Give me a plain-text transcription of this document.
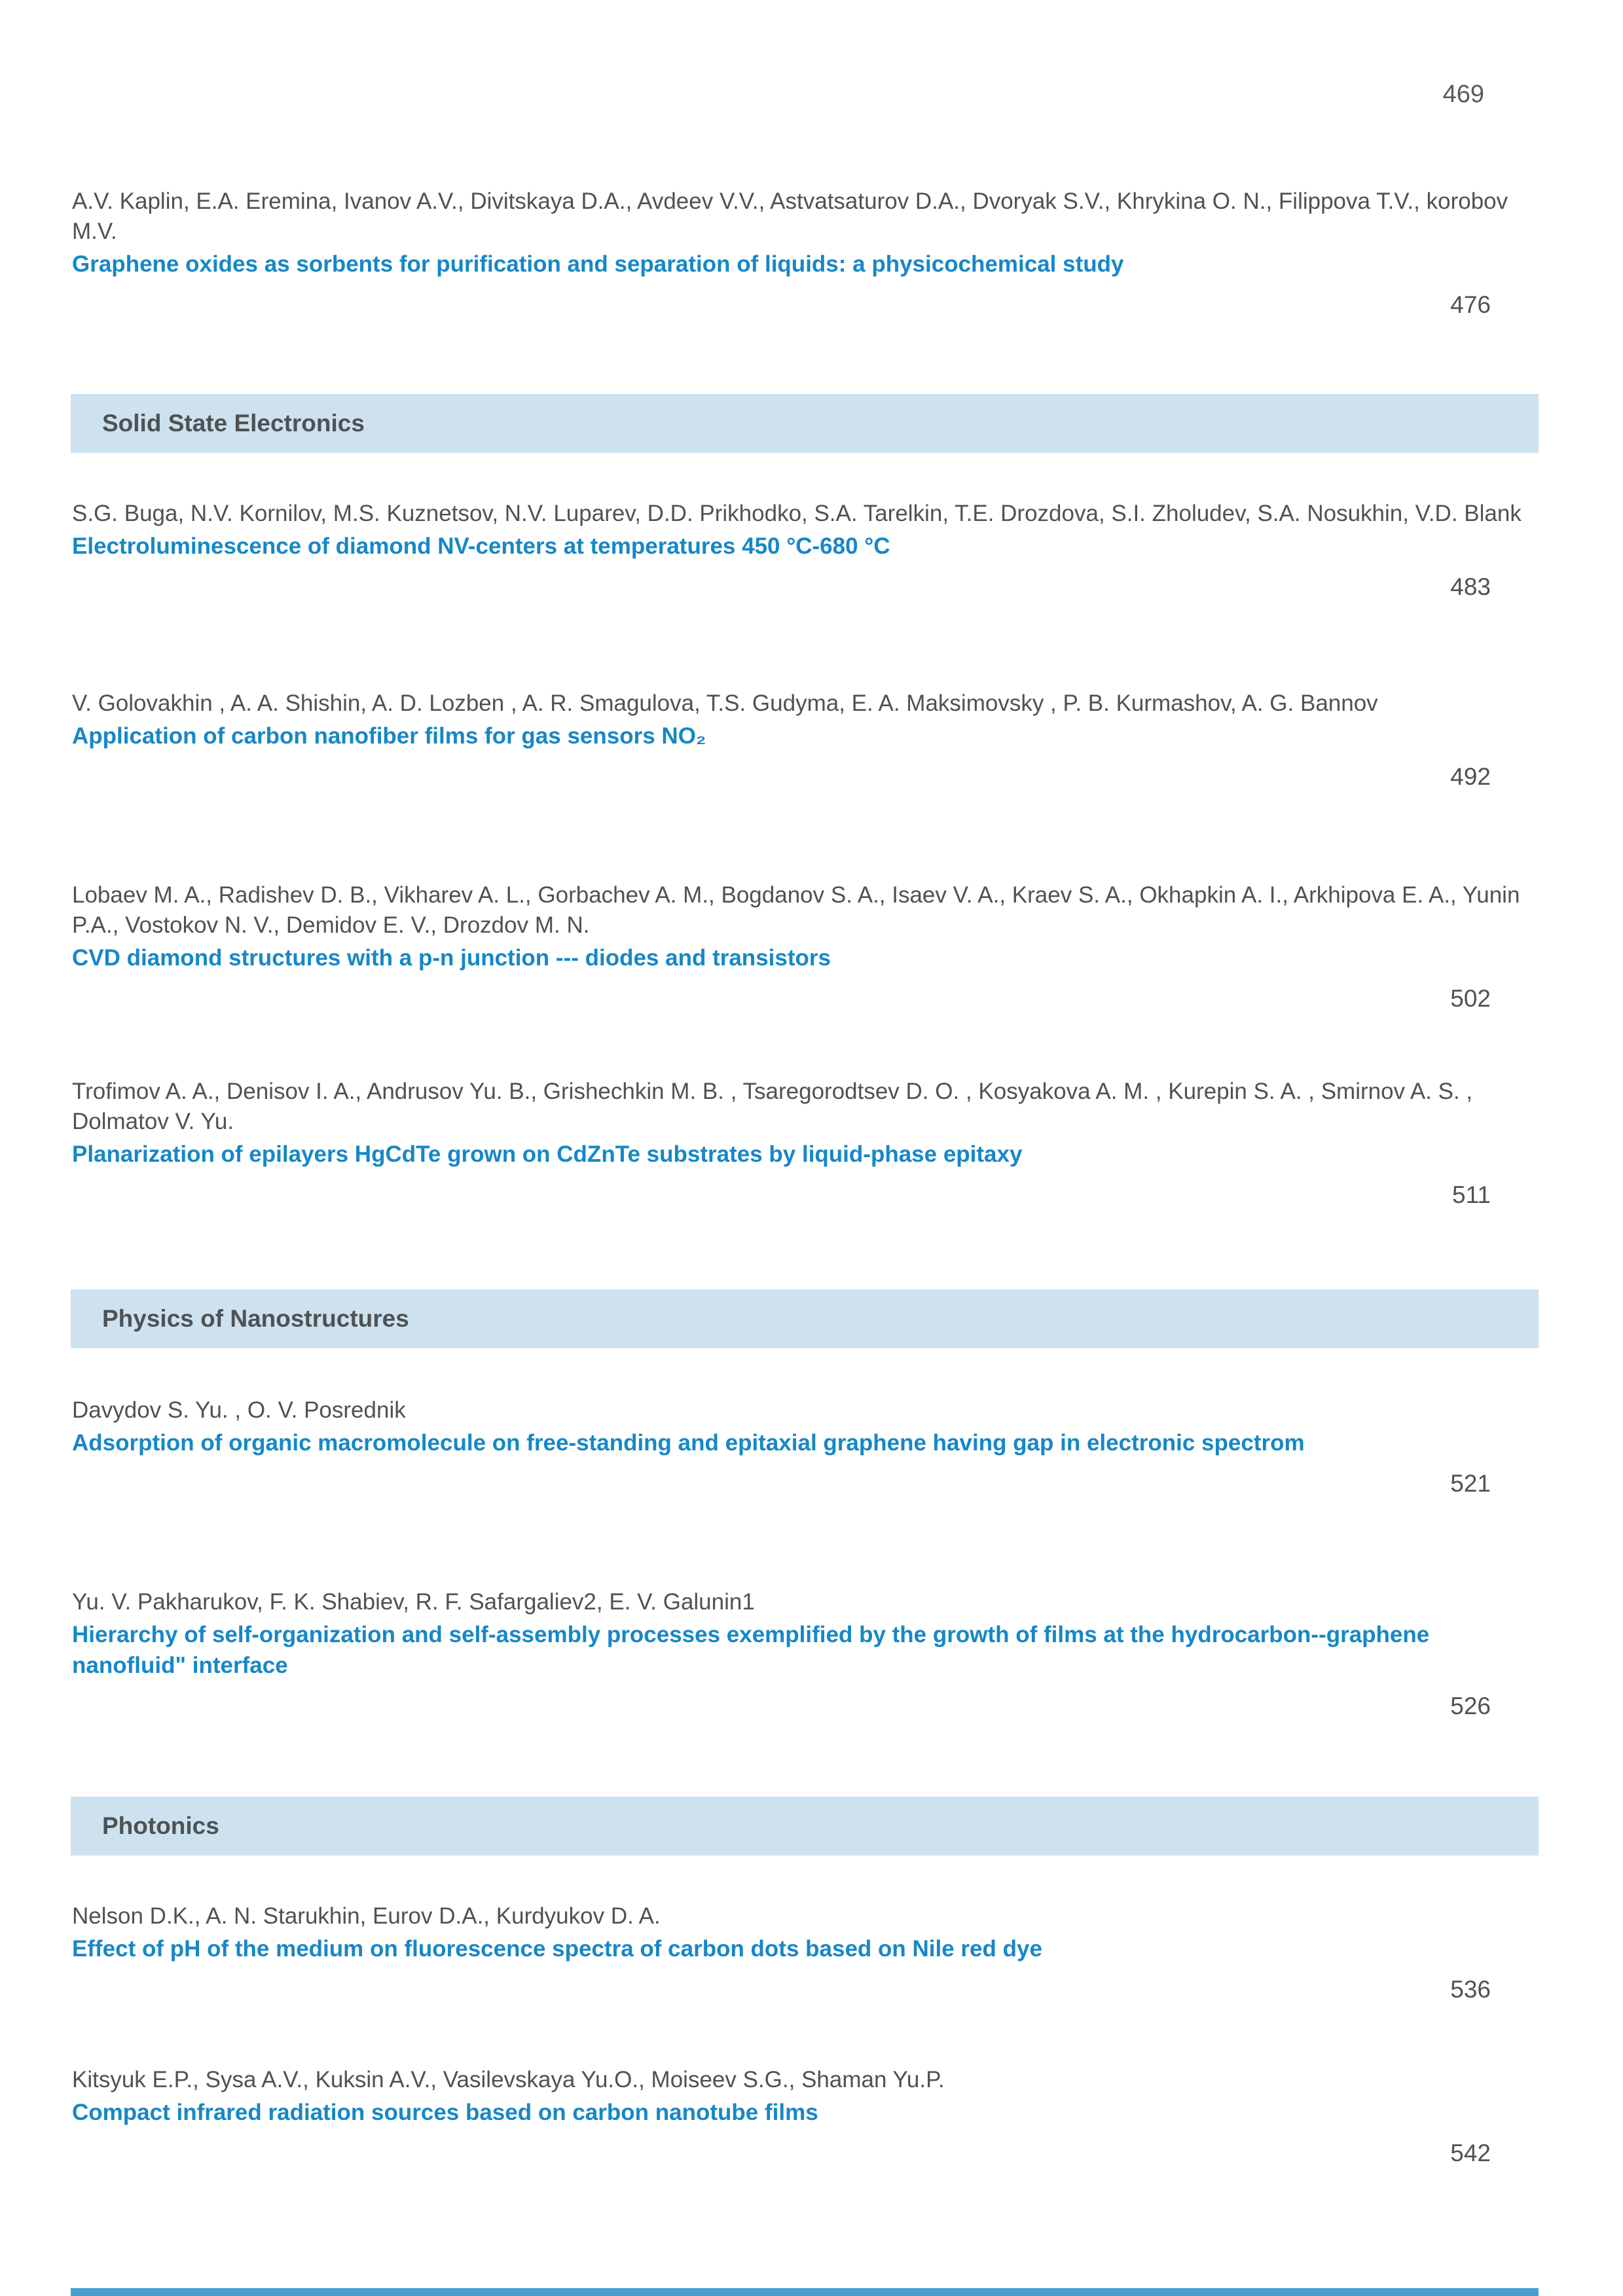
469
A.V. Kaplin, E.A. Eremina, Ivanov A.V., Divitskaya D.A., Avdeev V.V., Astvatsaturov D.A., Dvoryak S.V., Khrykina O. N., Filippova T.V., korobov M.V.
Graphene oxides as sorbents for purification and separation of liquids: a physicochemical study
476
Solid State Electronics
S.G. Buga, N.V. Kornilov, M.S. Kuznetsov, N.V. Luparev, D.D. Prikhodko, S.A. Tarelkin, T.E. Drozdova, S.I. Zholudev, S.A. Nosukhin, V.D. Blank
Electroluminescence of diamond NV-centers at temperatures 450 °C-680 °C
483
V. Golovakhin , A. A. Shishin, A. D. Lozben , A. R. Smagulova, T.S. Gudyma, E. A. Maksimovsky , P. B. Kurmashov, A. G. Bannov
Application of carbon nanofiber films for gas sensors NO₂
492
Lobaev M. A., Radishev D. B., Vikharev A. L., Gorbachev A. M., Bogdanov S. A., Isaev V. A., Kraev S. A., Okhapkin A. I., Arkhipova E. A., Yunin P.A., Vostokov N. V., Demidov E. V., Drozdov M. N.
CVD diamond structures with a p-n junction --- diodes and transistors
502
Trofimov A. A., Denisov I. A., Andrusov Yu. B., Grishechkin M. B. , Tsaregorodtsev D. O. , Kosyakova A. M. , Kurepin S. A. , Smirnov A. S. , Dolmatov V. Yu.
Planarization of epilayers HgCdTe grown on CdZnTe substrates by liquid-phase epitaxy
511
Physics of Nanostructures
Davydov S. Yu. , O. V. Posrednik
Adsorption of organic macromolecule on free-standing and epitaxial graphene having gap in electronic spectrom
521
Yu. V. Pakharukov, F. K. Shabiev, R. F. Safargaliev2, E. V. Galunin1
Hierarchy of self-organization and self-assembly processes exemplified by the growth of films at the hydrocarbon--graphene nanofluid" interface
526
Photonics
Nelson D.K., A. N. Starukhin, Eurov D.A., Kurdyukov D. A.
Effect of pH of the medium on fluorescence spectra of carbon dots based on Nile red dye
536
Kitsyuk E.P., Sysa A.V., Kuksin A.V., Vasilevskaya Yu.O., Moiseev S.G., Shaman Yu.P.
Compact infrared radiation sources based on carbon nanotube films
542
